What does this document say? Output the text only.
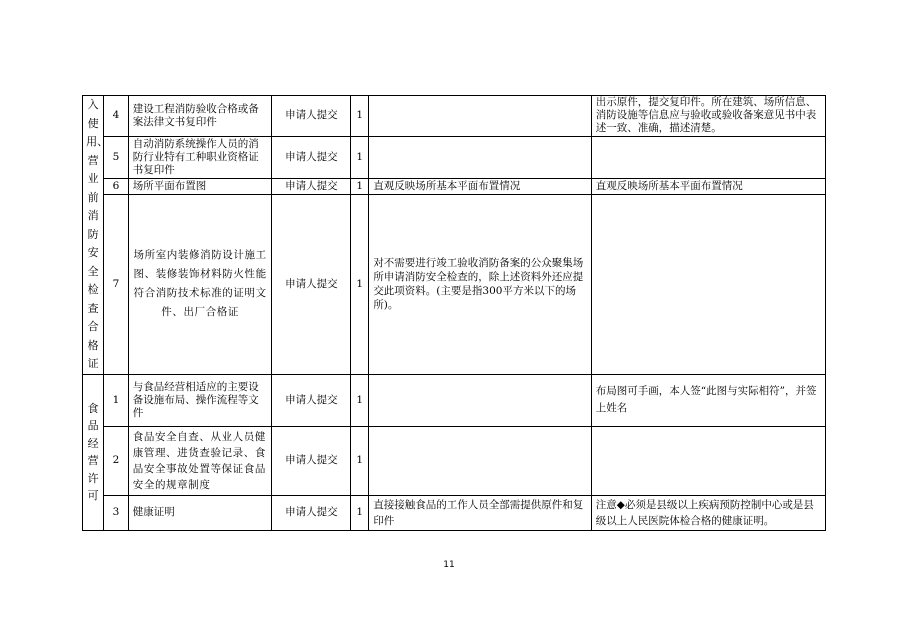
入使用、营业前消防安全检查合格证	4	建设工程消防验收合格或备案法律文书复印件	申请人提交	1		出示原件，提交复印件。所在建筑、场所信息、消防设施等信息应与验收或验收备案意见书中表述一致、准确，描述清楚。
	5	自动消防系统操作人员的消防行业特有工种职业资格证书复印件	申请人提交	1		
	6	场所平面布置图	申请人提交	1	直观反映场所基本平面布置情况	直观反映场所基本平面布置情况
	7	场所室内装修消防设计施工图、装修装饰材料防火性能符合消防技术标准的证明文件、出厂合格证	申请人提交	1	对不需要进行竣工验收消防备案的公众聚集场所申请消防安全检查的，除上述资料外还应提交此项资料。(主要是指300平方米以下的场所)。	
食品经营许可	1	与食品经营相适应的主要设备设施布局、操作流程等文件	申请人提交	1		布局图可手画，本人签“此图与实际相符”，并签上姓名
	2	食品安全自查、从业人员健康管理、进货查验记录、食品安全事故处置等保证食品安全的规章制度	申请人提交	1		
	3	健康证明	申请人提交	1	直接接触食品的工作人员全部需提供原件和复印件	注意◆必须是县级以上疾病预防控制中心或是县级以上人民医院体检合格的健康证明。
11
